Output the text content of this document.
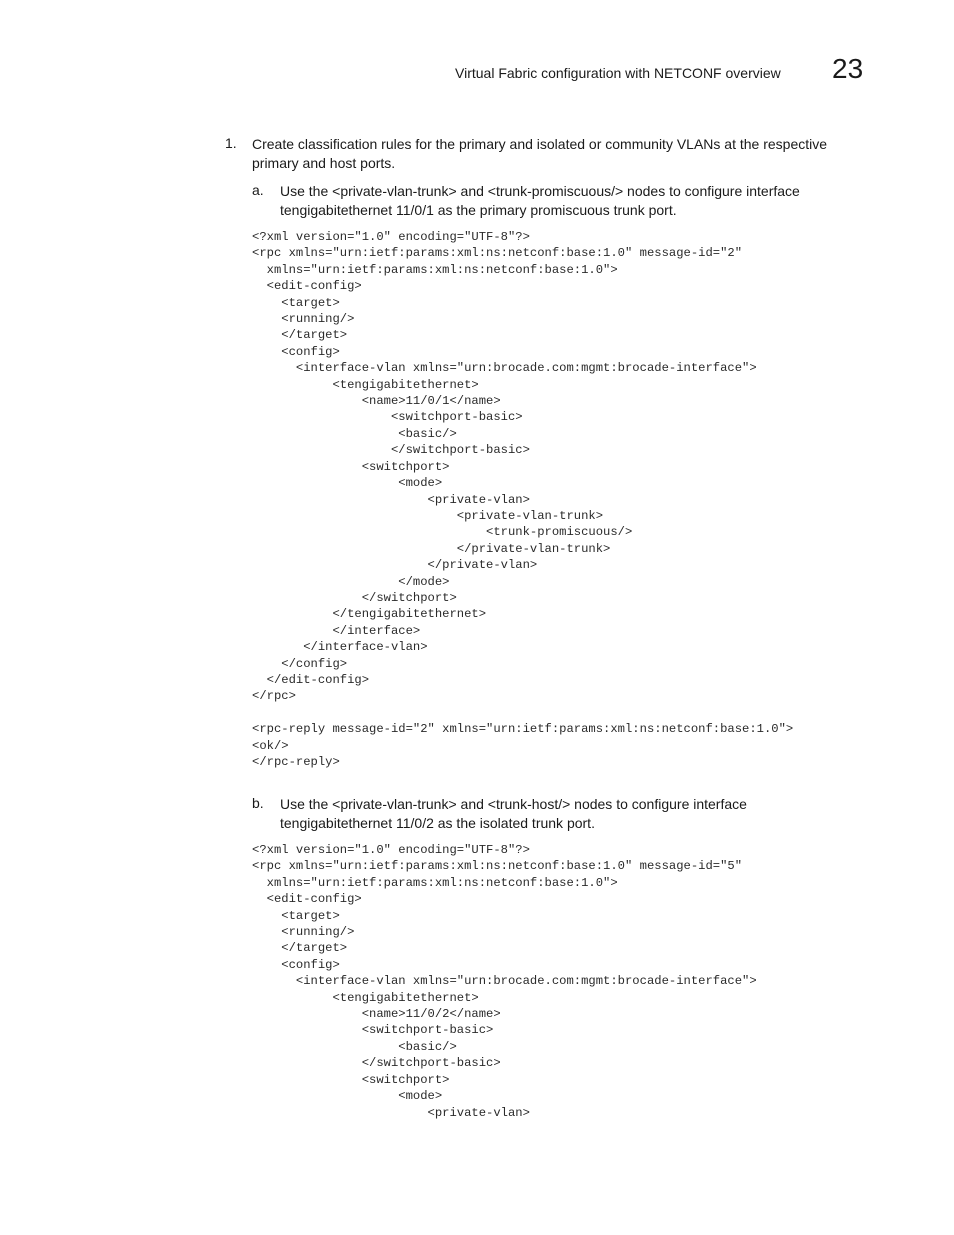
Virtual Fabric configuration with NETCONF overview 23
1. Create classification rules for the primary and isolated or community VLANs at the respective primary and host ports.
a. Use the <private-vlan-trunk> and <trunk-promiscuous/> nodes to configure interface tengigabitethernet 11/0/1 as the primary promiscuous trunk port.
<?xml version="1.0" encoding="UTF-8"?>
<rpc xmlns="urn:ietf:params:xml:ns:netconf:base:1.0" message-id="2"
xmlns="urn:ietf:params:xml:ns:netconf:base:1.0">
<edit-config>
<target>
<running/>
</target>
<config>
<interface-vlan xmlns="urn:brocade.com:mgmt:brocade-interface">
<tengigabitethernet>
<name>11/0/1</name>
<switchport-basic>
<basic/>
</switchport-basic>
<switchport>
<mode>
<private-vlan>
<private-vlan-trunk>
<trunk-promiscuous/>
</private-vlan-trunk>
</private-vlan>
</mode>
</switchport>
</tengigabitethernet>
</interface>
</interface-vlan>
</config>
</edit-config>
</rpc>

<rpc-reply message-id="2" xmlns="urn:ietf:params:xml:ns:netconf:base:1.0">
<ok/>
</rpc-reply>
b. Use the <private-vlan-trunk> and <trunk-host/> nodes to configure interface tengigabitethernet 11/0/2 as the isolated trunk port.
<?xml version="1.0" encoding="UTF-8"?>
<rpc xmlns="urn:ietf:params:xml:ns:netconf:base:1.0" message-id="5"
xmlns="urn:ietf:params:xml:ns:netconf:base:1.0">
<edit-config>
<target>
<running/>
</target>
<config>
<interface-vlan xmlns="urn:brocade.com:mgmt:brocade-interface">
<tengigabitethernet>
<name>11/0/2</name>
<switchport-basic>
<basic/>
</switchport-basic>
<switchport>
<mode>
<private-vlan>
